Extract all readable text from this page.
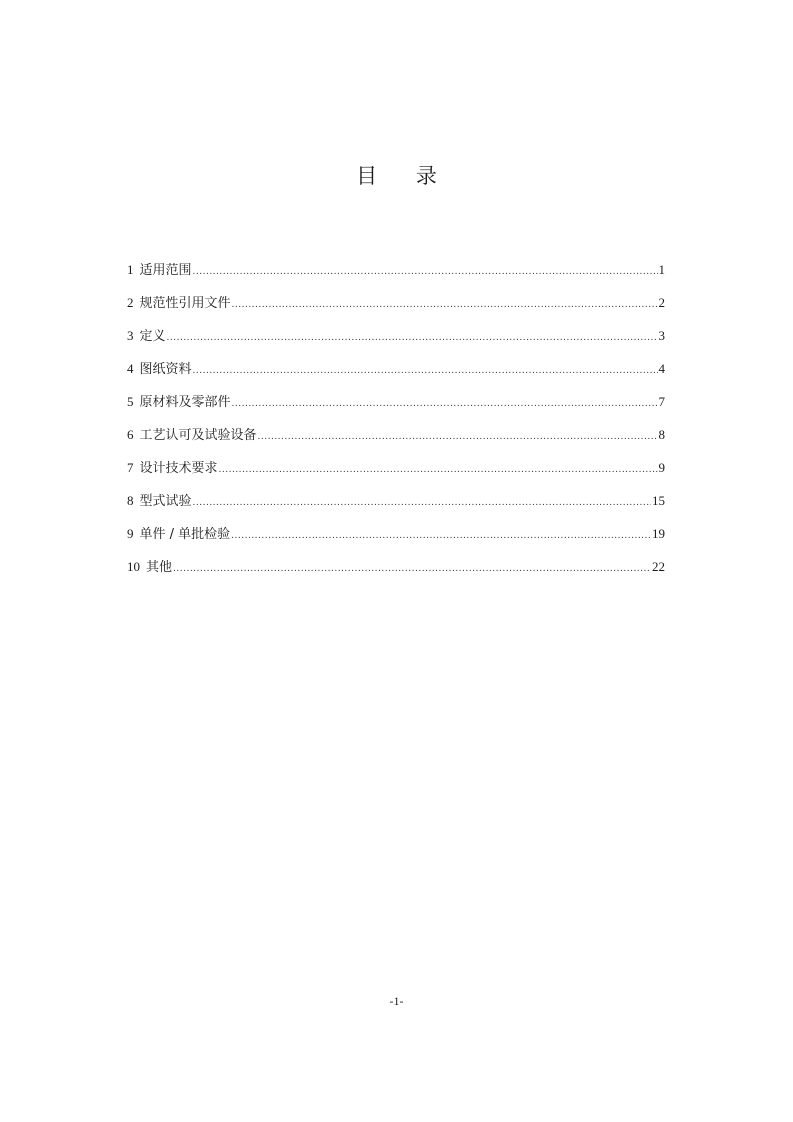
目 录
1 适用范围 .....	1
2 规范性引用文件 .....	2
3 定义 .....	3
4 图纸资料 .....	4
5 原材料及零部件 .....	7
6 工艺认可及试验设备 .....	8
7 设计技术要求 .....	9
8 型式试验 .....	15
9 单件 / 单批检验 .....	19
10 其他 .....	22
-1-
